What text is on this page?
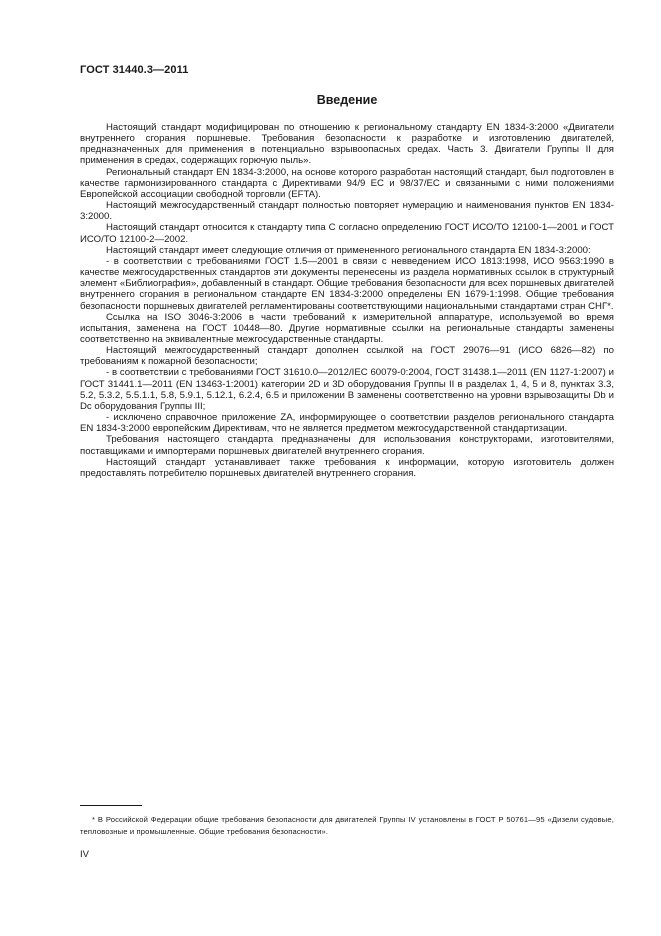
ГОСТ 31440.3—2011
Введение

Настоящий стандарт модифицирован по отношению к региональному стандарту EN 1834-3:2000 «Двигатели внутреннего сгорания поршневые. Требования безопасности к разработке и изготовлению двигателей, предназначенных для применения в потенциально взрывоопасных средах. Часть 3. Двигатели Группы II для применения в средах, содержащих горючую пыль».

Региональный стандарт EN 1834-3:2000, на основе которого разработан настоящий стандарт, был подготовлен в качестве гармонизированного стандарта с Директивами 94/9 EC и 98/37/EC и связанными с ними положениями Европейской ассоциации свободной торговли (EFTA).

Настоящий межгосударственный стандарт полностью повторяет нумерацию и наименования пунктов EN 1834-3:2000.

Настоящий стандарт относится к стандарту типа С согласно определению ГОСТ ИСО/ТО 12100-1—2001 и ГОСТ ИСО/ТО 12100-2—2002.

Настоящий стандарт имеет следующие отличия от примененного регионального стандарта EN 1834-3:2000:

- в соответствии с требованиями ГОСТ 1.5—2001 в связи с невведением ИСО 1813:1998, ИСО 9563:1990 в качестве межгосударственных стандартов эти документы перенесены из раздела нормативных ссылок в структурный элемент «Библиография», добавленный в стандарт. Общие требования безопасности для всех поршневых двигателей внутреннего сгорания в региональном стандарте EN 1834-3:2000 определены EN 1679-1:1998. Общие требования безопасности поршневых двигателей регламентированы соответствующими национальными стандартами стран СНГ*.

Ссылка на ISO 3046-3:2006 в части требований к измерительной аппаратуре, используемой во время испытания, заменена на ГОСТ 10448—80. Другие нормативные ссылки на региональные стандарты заменены соответственно на эквивалентные межгосударственные стандарты.

Настоящий межгосударственный стандарт дополнен ссылкой на ГОСТ 29076—91 (ИСО 6826—82) по требованиям к пожарной безопасности;

- в соответствии с требованиями ГОСТ 31610.0—2012/IEC 60079-0:2004, ГОСТ 31438.1—2011 (EN 1127-1:2007) и ГОСТ 31441.1—2011 (EN 13463-1:2001) категории 2D и 3D оборудования Группы II в разделах 1, 4, 5 и 8, пунктах 3.3, 5.2, 5.3.2, 5.5.1.1, 5.8, 5.9.1, 5.12.1, 6.2.4, 6.5 и приложении В заменены соответственно на уровни взрывозащиты Db и Dc оборудования Группы III;

- исключено справочное приложение ZA, информирующее о соответствии разделов регионального стандарта EN 1834-3:2000 европейским Директивам, что не является предметом межгосударственной стандартизации.

Требования настоящего стандарта предназначены для использования конструкторами, изготовителями, поставщиками и импортерами поршневых двигателей внутреннего сгорания.

Настоящий стандарт устанавливает также требования к информации, которую изготовитель должен предоставлять потребителю поршневых двигателей внутреннего сгорания.

* В Российской Федерации общие требования безопасности для двигателей Группы IV установлены в ГОСТ Р 50761—95 «Дизели судовые, тепловозные и промышленные. Общие требования безопасности».

IV
